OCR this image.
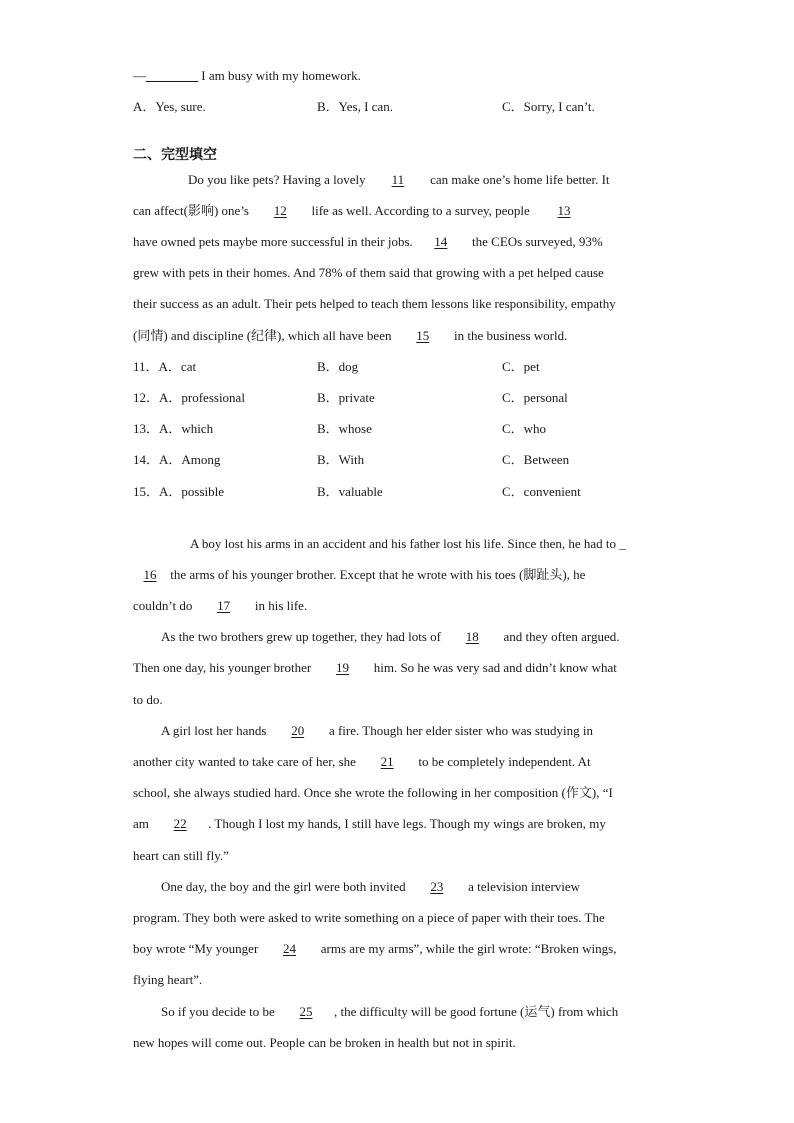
—________ I am busy with my homework.
A．Yes, sure.	B．Yes, I can.	C．Sorry, I can’t.
二、完型填空
Do you like pets? Having a lovely 11 can make one’s home life better. It
can affect(影响) one’s 12 life as well. According to a survey, people 13
have owned pets maybe more successful in their jobs. 14 the CEOs surveyed, 93%
grew with pets in their homes. And 78% of them said that growing with a pet helped cause
their success as an adult. Their pets helped to teach them lessons like responsibility, empathy
(同情) and discipline (纪律), which all have been 15 in the business world.
11．A．cat	B．dog	C．pet
12．A．professional	B．private	C．personal
13．A．which	B．whose	C．who
14．A．Among	B．With	C．Between
15．A．possible	B．valuable	C．convenient
A boy lost his arms in an accident and his father lost his life. Since then, he had to _
16 the arms of his younger brother. Except that he wrote with his toes (脚趾头), he
couldn’t do 17 in his life.
As the two brothers grew up together, they had lots of 18 and they often argued.
Then one day, his younger brother 19 him. So he was very sad and didn’t know what
to do.
A girl lost her hands 20 a fire. Though her elder sister who was studying in
another city wanted to take care of her, she 21 to be completely independent. At
school, she always studied hard. Once she wrote the following in her composition (作文), “I
am 22 . Though I lost my hands, I still have legs. Though my wings are broken, my
heart can still fly.”
One day, the boy and the girl were both invited 23 a television interview
program. They both were asked to write something on a piece of paper with their toes. The
boy wrote “My younger 24 arms are my arms”, while the girl wrote: “Broken wings,
flying heart”.
So if you decide to be 25 , the difficulty will be good fortune (运气) from which
new hopes will come out. People can be broken in health but not in spirit.
